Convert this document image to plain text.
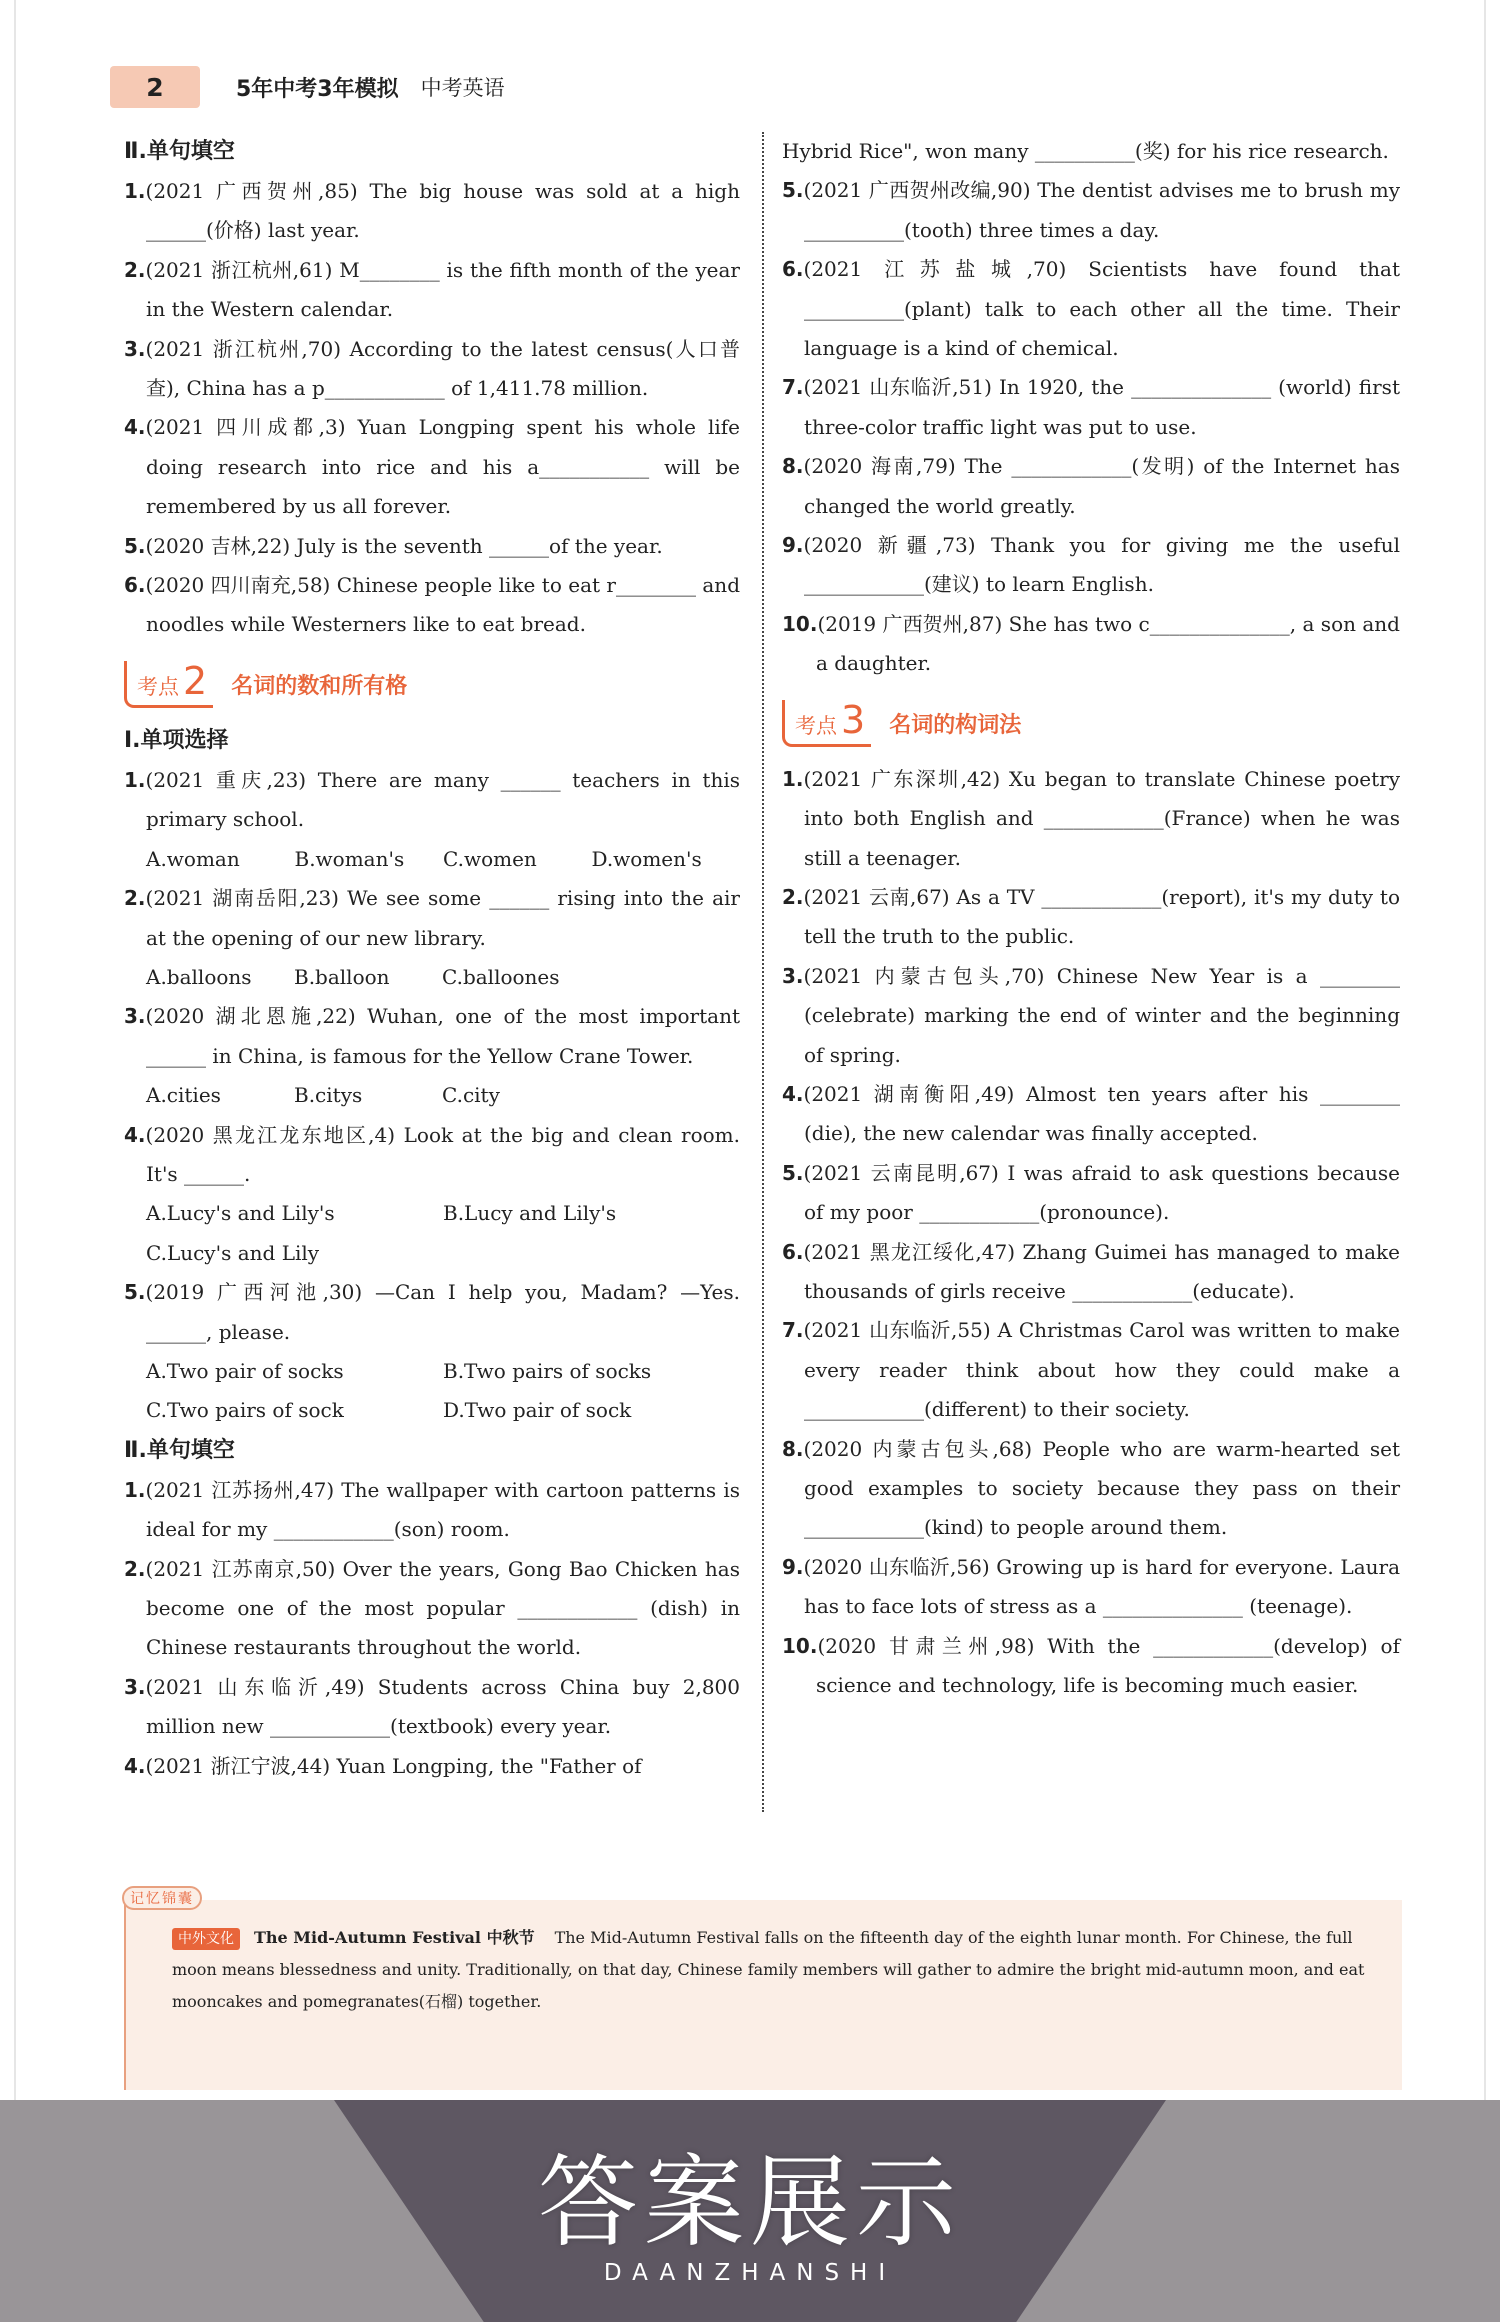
2	5年中考3年模拟 中考英语
Ⅱ.单句填空

1.(2021 广西贺州,85) The big house was sold at a high ______(价格) last year.

2.(2021 浙江杭州,61) M________ is the fifth month of the year in the Western calendar.

3.(2021 浙江杭州,70) According to the latest census(人口普查), China has a p____________ of 1,411.78 million.

4.(2021 四川成都,3) Yuan Longping spent his whole life doing research into rice and his a___________ will be remembered by us all forever.

5.(2020 吉林,22) July is the seventh ______of the year.

6.(2020 四川南充,58) Chinese people like to eat r________ and noodles while Westerners like to eat bread.

考点 2 名词的数和所有格
Ⅰ.单项选择

1.(2021 重庆,23) There are many ______ teachers in this primary school.

A.woman	B.woman's	C.women	D.women's

2.(2021 湖南岳阳,23) We see some ______ rising into the air at the opening of our new library.

A.balloons	B.balloon	C.balloones

3.(2020 湖北恩施,22) Wuhan, one of the most important ______ in China, is famous for the Yellow Crane Tower.

A.cities	B.citys	C.city

4.(2020 黑龙江龙东地区,4) Look at the big and clean room. It's ______.

A.Lucy's and Lily's	B.Lucy and Lily's
C.Lucy's and Lily

5.(2019 广西河池,30) —Can I help you, Madam? —Yes. ______, please.

A.Two pair of socks	B.Two pairs of socks
C.Two pairs of sock	D.Two pair of sock
Ⅱ.单句填空

1.(2021 江苏扬州,47) The wallpaper with cartoon patterns is ideal for my ____________(son) room.

2.(2021 江苏南京,50) Over the years, Gong Bao Chicken has become one of the most popular ____________ (dish) in Chinese restaurants throughout the world.

3.(2021 山东临沂,49) Students across China buy 2,800 million new ____________(textbook) every year.

4.(2021 浙江宁波,44) Yuan Longping, the "Father of

Hybrid Rice", won many __________(奖) for his rice research.

5.(2021 广西贺州改编,90) The dentist advises me to brush my __________(tooth) three times a day.

6.(2021 江苏盐城,70) Scientists have found that __________(plant) talk to each other all the time. Their language is a kind of chemical.

7.(2021 山东临沂,51) In 1920, the ______________ (world) first three-color traffic light was put to use.

8.(2020 海南,79) The ____________(发明) of the Internet has changed the world greatly.

9.(2020 新疆,73) Thank you for giving me the useful ____________(建议) to learn English.

10.(2019 广西贺州,87) She has two c______________, a son and a daughter.

考点 3 名词的构词法

1.(2021 广东深圳,42) Xu began to translate Chinese poetry into both English and ____________(France) when he was still a teenager.

2.(2021 云南,67) As a TV ____________(report), it's my duty to tell the truth to the public.

3.(2021 内蒙古包头,70) Chinese New Year is a ________ (celebrate) marking the end of winter and the beginning of spring.

4.(2021 湖南衡阳,49) Almost ten years after his ________ (die), the new calendar was finally accepted.

5.(2021 云南昆明,67) I was afraid to ask questions because of my poor ____________(pronounce).

6.(2021 黑龙江绥化,47) Zhang Guimei has managed to make thousands of girls receive ____________(educate).

7.(2021 山东临沂,55) A Christmas Carol was written to make every reader think about how they could make a ____________(different) to their society.

8.(2020 内蒙古包头,68) People who are warm-hearted set good examples to society because they pass on their ____________(kind) to people around them.

9.(2020 山东临沂,56) Growing up is hard for everyone. Laura has to face lots of stress as a ______________ (teenage).

10.(2020 甘肃兰州,98) With the ____________(develop) of science and technology, life is becoming much easier.

记忆锦囊
中外文化 The Mid-Autumn Festival 中秋节 The Mid-Autumn Festival falls on the fifteenth day of the eighth lunar month. For Chinese, the full moon means blessedness and unity. Traditionally, on that day, Chinese family members will gather to admire the bright mid-autumn moon, and eat mooncakes and pomegranates(石榴) together.
答案展示
DAANZHANSHI
